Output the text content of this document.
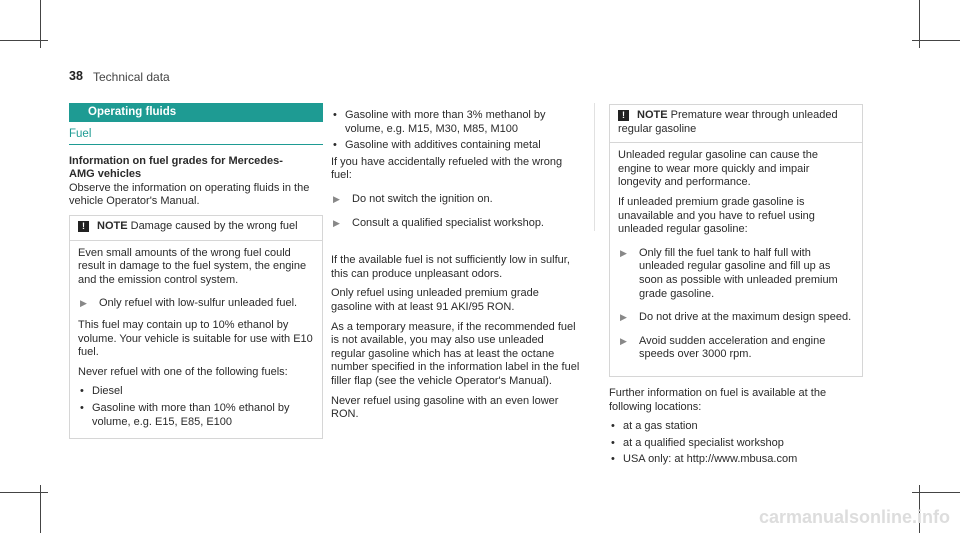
38 Technical data
Operating fluids
Fuel
Information on fuel grades for Mercedes-
AMG vehicles

Observe the information on operating fluids in the vehicle Operator's Manual.

! NOTE Damage caused by the wrong fuel

Even small amounts of the wrong fuel could result in damage to the fuel system, the engine and the emission control system.

▶ Only refuel with low-sulfur unleaded fuel.

This fuel may contain up to 10% ethanol by volume. Your vehicle is suitable for use with E10 fuel.

Never refuel with one of the following fuels:

• Diesel
• Gasoline with more than 10% ethanol by volume, e.g. E15, E85, E100
• Gasoline with more than 3% methanol by volume, e.g. M15, M30, M85, M100
• Gasoline with additives containing metal

If you have accidentally refueled with the wrong fuel:

▶ Do not switch the ignition on.
▶ Consult a qualified specialist workshop.

If the available fuel is not sufficiently low in sulfur, this can produce unpleasant odors.

Only refuel using unleaded premium grade gasoline with at least 91 AKI/95 RON.

As a temporary measure, if the recommended fuel is not available, you may also use unleaded regular gasoline which has at least the octane number specified in the information label in the fuel filler flap (see the vehicle Operator's Manual).

Never refuel using gasoline with an even lower RON.

! NOTE Premature wear through unleaded regular gasoline

Unleaded regular gasoline can cause the engine to wear more quickly and impair longevity and performance.

If unleaded premium grade gasoline is unavailable and you have to refuel using unleaded regular gasoline:

▶ Only fill the fuel tank to half full with unleaded regular gasoline and fill up as soon as possible with unleaded premium grade gasoline.
▶ Do not drive at the maximum design speed.
▶ Avoid sudden acceleration and engine speeds over 3000 rpm.

Further information on fuel is available at the following locations:

• at a gas station
• at a qualified specialist workshop
• USA only: at http://www.mbusa.com
carmanualsonline.info
